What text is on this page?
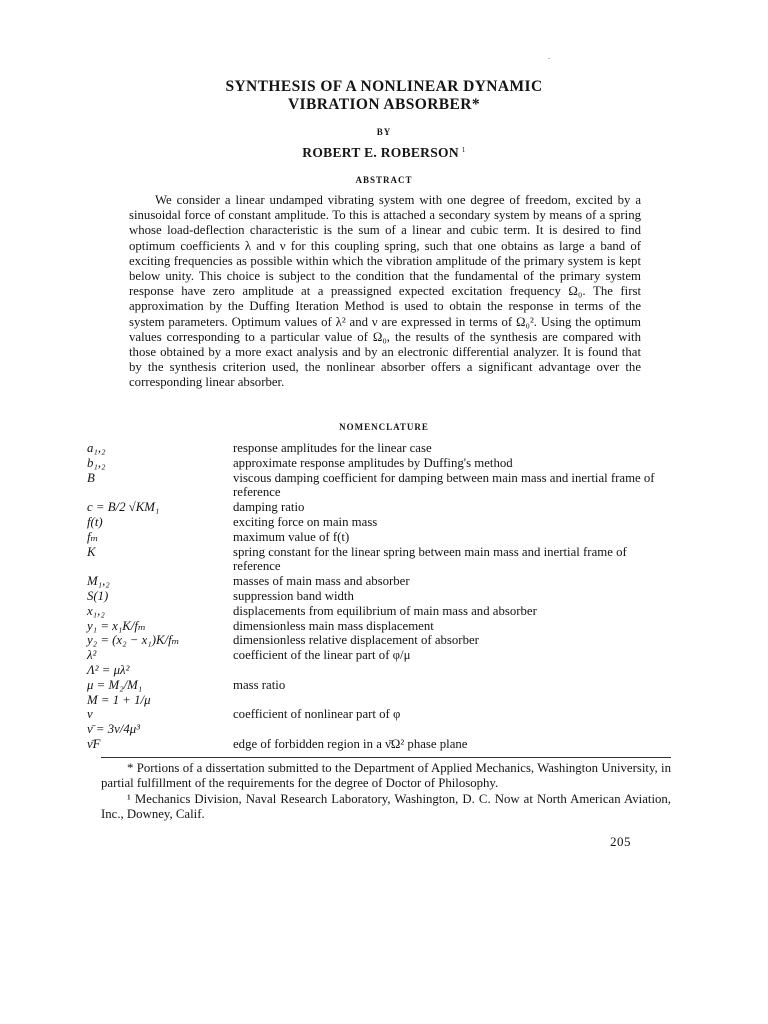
SYNTHESIS OF A NONLINEAR DYNAMIC
VIBRATION ABSORBER*
BY
ROBERT E. ROBERSON $^1$
ABSTRACT

We consider a linear undamped vibrating system with one degree of freedom, excited by a sinusoidal force of constant amplitude. To this is attached a secondary system by means of a spring whose load-deflection characteristic is the sum of a linear and cubic term. It is desired to find optimum coefficients λ and ν for this coupling spring, such that one obtains as large a band of exciting frequencies as possible within which the vibration amplitude of the primary system is kept below unity. This choice is subject to the condition that the fundamental of the primary system response have zero amplitude at a preassigned expected excitation frequency Ω₀. The first approximation by the Duffing Iteration Method is used to obtain the response in terms of the system parameters. Optimum values of λ² and ν are expressed in terms of Ω₀². Using the optimum values corresponding to a particular value of Ω₀, the results of the synthesis are compared with those obtained by a more exact analysis and by an electronic differential analyzer. It is found that by the synthesis criterion used, the nonlinear absorber offers a significant advantage over the corresponding linear absorber.

NOMENCLATURE
a₁,₂	response amplitudes for the linear case
b₁,₂	approximate response amplitudes by Duffing's method
B	viscous damping coefficient for damping between main mass and inertial frame of reference
c = B/2 √KM₁	damping ratio
f(t)	exciting force on main mass
fₘ	maximum value of f(t)
K	spring constant for the linear spring between main mass and inertial frame of reference
M₁,₂	masses of main mass and absorber
S(1)	suppression band width
x₁,₂	displacements from equilibrium of main mass and absorber
y₁ = x₁K/fₘ	dimensionless main mass displacement
y₂ = (x₂ − x₁)K/fₘ	dimensionless relative displacement of absorber
λ²	coefficient of the linear part of φ/μ
Λ² = μλ²
μ = M₂/M₁	mass ratio
M = 1 + 1/μ
ν	coefficient of nonlinear part of φ
ν̄ = 3ν/4μ³
ν̄F	edge of forbidden region in a ν̄Ω² phase plane

* Portions of a dissertation submitted to the Department of Applied Mechanics, Washington University, in partial fulfillment of the requirements for the degree of Doctor of Philosophy.

¹ Mechanics Division, Naval Research Laboratory, Washington, D. C. Now at North American Aviation, Inc., Downey, Calif.

205
